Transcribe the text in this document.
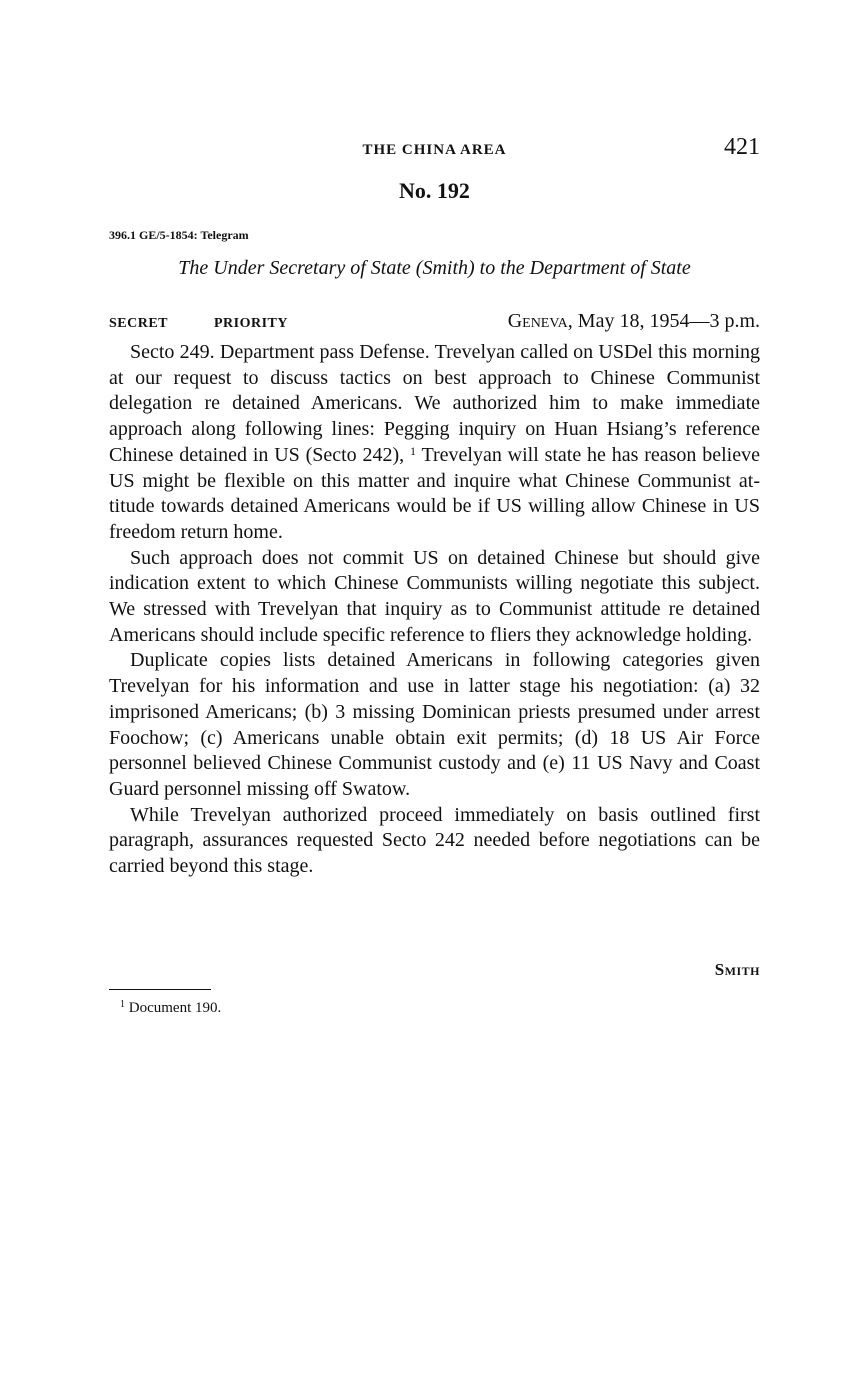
THE CHINA AREA	421
No. 192
396.1 GE/5-1854: Telegram
The Under Secretary of State (Smith) to the Department of State
SECRET	PRIORITY	Geneva, May 18, 1954—3 p.m.

Secto 249. Department pass Defense. Trevelyan called on USDel this morning at our request to discuss tactics on best approach to Chinese Communist delegation re detained Americans. We authorized him to make immediate approach along following lines: Pegging inquiry on Huan Hsiang’s reference Chinese detained in US (Secto 242), $^1$ Trevelyan will state he has reason believe US might be flexible on this matter and inquire what Chinese Communist attitude towards detained Americans would be if US willing allow Chinese in US freedom return home.

Such approach does not commit US on detained Chinese but should give indication extent to which Chinese Communists willing negotiate this subject. We stressed with Trevelyan that inquiry as to Communist attitude re detained Americans should include specific reference to fliers they acknowledge holding.

Duplicate copies lists detained Americans in following categories given Trevelyan for his information and use in latter stage his negotiation: (a) 32 imprisoned Americans; (b) 3 missing Dominican priests presumed under arrest Foochow; (c) Americans unable obtain exit permits; (d) 18 US Air Force personnel believed Chinese Communist custody and (e) 11 US Navy and Coast Guard personnel missing off Swatow.

While Trevelyan authorized proceed immediately on basis outlined first paragraph, assurances requested Secto 242 needed before negotiations can be carried beyond this stage.

Smith
$^1$ Document 190.
